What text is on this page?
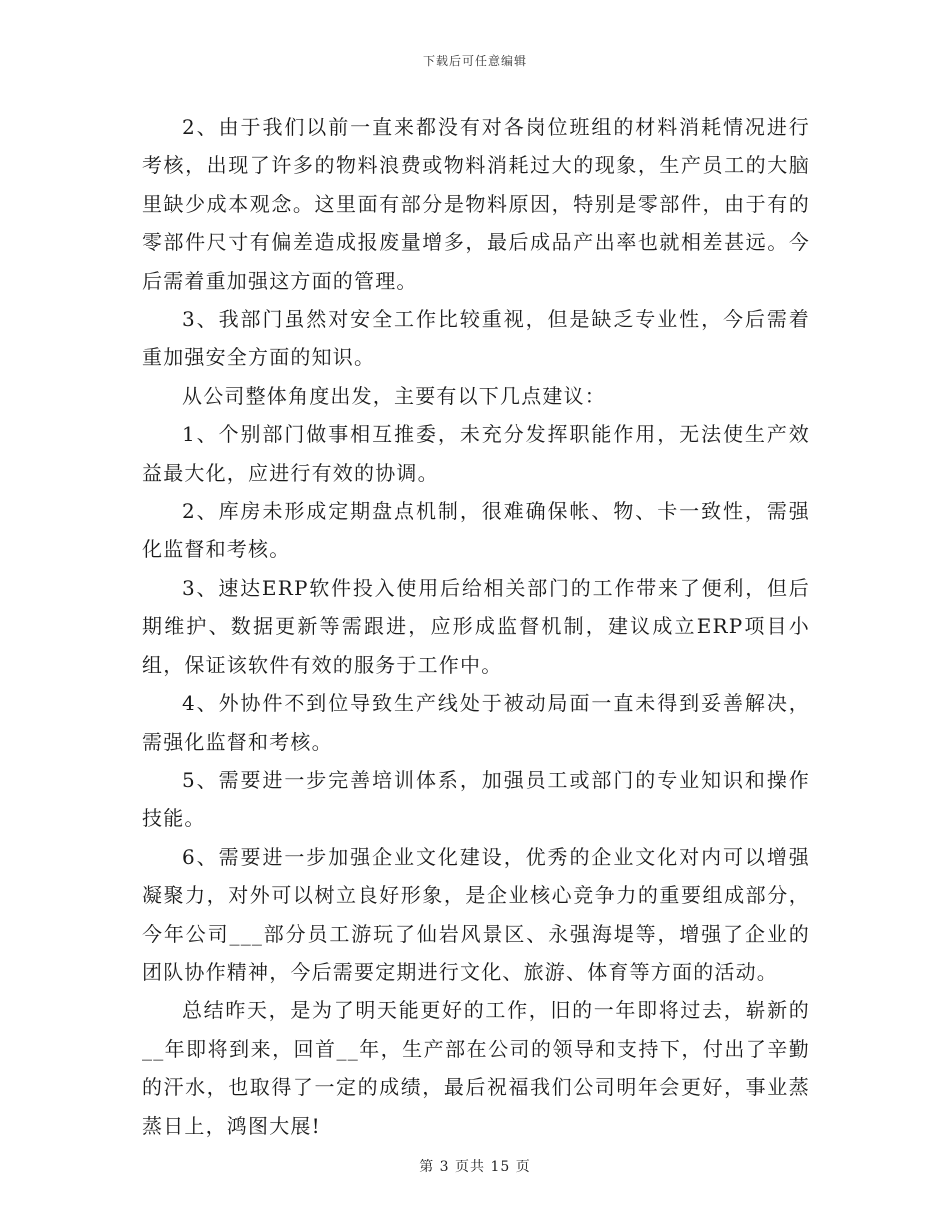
下载后可任意编辑

2、由于我们以前一直来都没有对各岗位班组的材料消耗情况进行考核，出现了许多的物料浪费或物料消耗过大的现象，生产员工的大脑里缺少成本观念。这里面有部分是物料原因，特别是零部件，由于有的零部件尺寸有偏差造成报废量增多，最后成品产出率也就相差甚远。今后需着重加强这方面的管理。

3、我部门虽然对安全工作比较重视，但是缺乏专业性，今后需着重加强安全方面的知识。

从公司整体角度出发，主要有以下几点建议：

1、个别部门做事相互推委，未充分发挥职能作用，无法使生产效益最大化，应进行有效的协调。

2、库房未形成定期盘点机制，很难确保帐、物、卡一致性，需强化监督和考核。

3、速达ERP软件投入使用后给相关部门的工作带来了便利，但后期维护、数据更新等需跟进，应形成监督机制，建议成立ERP项目小组，保证该软件有效的服务于工作中。

4、外协件不到位导致生产线处于被动局面一直未得到妥善解决，需强化监督和考核。

5、需要进一步完善培训体系，加强员工或部门的专业知识和操作技能。

6、需要进一步加强企业文化建设，优秀的企业文化对内可以增强凝聚力，对外可以树立良好形象，是企业核心竞争力的重要组成部分，今年公司___部分员工游玩了仙岩风景区、永强海堤等，增强了企业的团队协作精神，今后需要定期进行文化、旅游、体育等方面的活动。

总结昨天，是为了明天能更好的工作，旧的一年即将过去，崭新的__年即将到来，回首__年，生产部在公司的领导和支持下，付出了辛勤的汗水，也取得了一定的成绩，最后祝福我们公司明年会更好，事业蒸蒸日上，鸿图大展!

第 3 页共 15 页
